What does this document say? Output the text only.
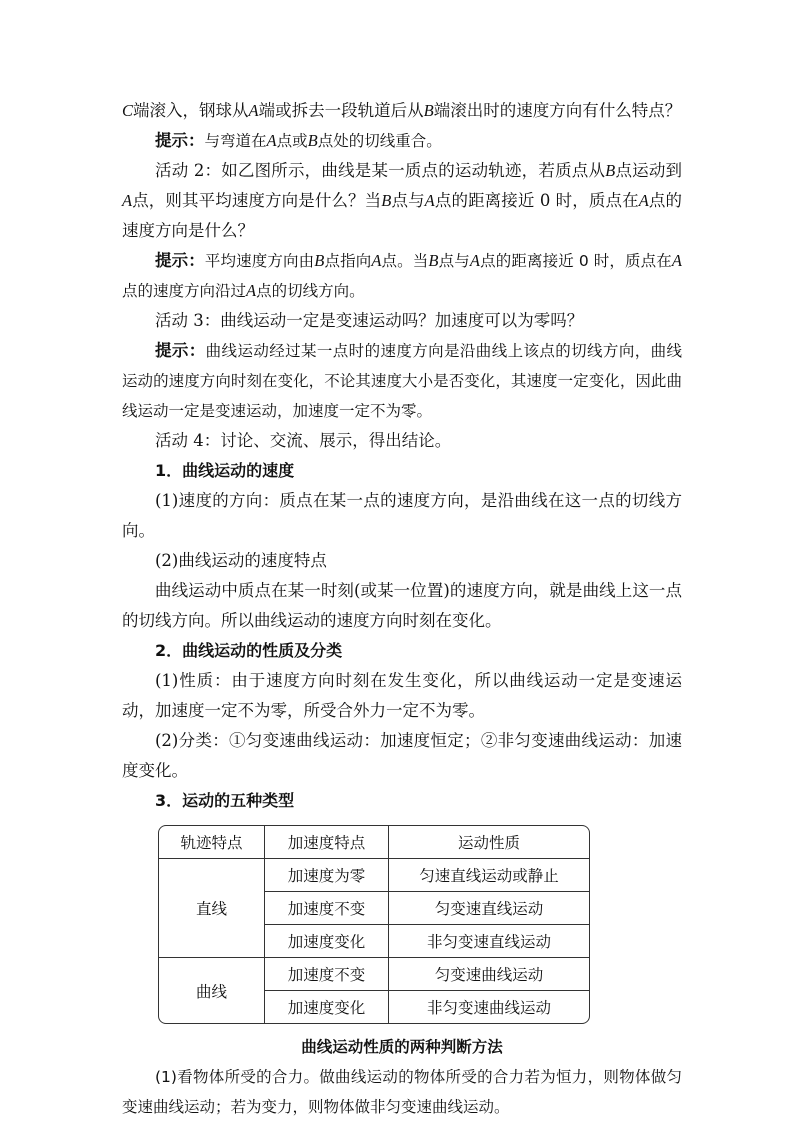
C端滚入，钢球从A端或拆去一段轨道后从B端滚出时的速度方向有什么特点？

提示：与弯道在A点或B点处的切线重合。

活动 2：如乙图所示，曲线是某一质点的运动轨迹，若质点从B点运动到A点，则其平均速度方向是什么？当B点与A点的距离接近 0 时，质点在A点的速度方向是什么？

提示：平均速度方向由B点指向A点。当B点与A点的距离接近 0 时，质点在A点的速度方向沿过A点的切线方向。

活动 3：曲线运动一定是变速运动吗？加速度可以为零吗？

提示：曲线运动经过某一点时的速度方向是沿曲线上该点的切线方向，曲线运动的速度方向时刻在变化，不论其速度大小是否变化，其速度一定变化，因此曲线运动一定是变速运动，加速度一定不为零。

活动 4：讨论、交流、展示，得出结论。

1．曲线运动的速度

(1)速度的方向：质点在某一点的速度方向，是沿曲线在这一点的切线方向。

(2)曲线运动的速度特点

曲线运动中质点在某一时刻(或某一位置)的速度方向，就是曲线上这一点的切线方向。所以曲线运动的速度方向时刻在变化。

2．曲线运动的性质及分类

(1)性质：由于速度方向时刻在发生变化，所以曲线运动一定是变速运动，加速度一定不为零，所受合外力一定不为零。

(2)分类：①匀变速曲线运动：加速度恒定；②非匀变速曲线运动：加速度变化。

3．运动的五种类型

轨迹特点	加速度特点	运动性质
直线	加速度为零	匀速直线运动或静止
	加速度不变	匀变速直线运动
	加速度变化	非匀变速直线运动
曲线	加速度不变	匀变速曲线运动
	加速度变化	非匀变速曲线运动

曲线运动性质的两种判断方法

(1)看物体所受的合力。做曲线运动的物体所受的合力若为恒力，则物体做匀变速曲线运动；若为变力，则物体做非匀变速曲线运动。
